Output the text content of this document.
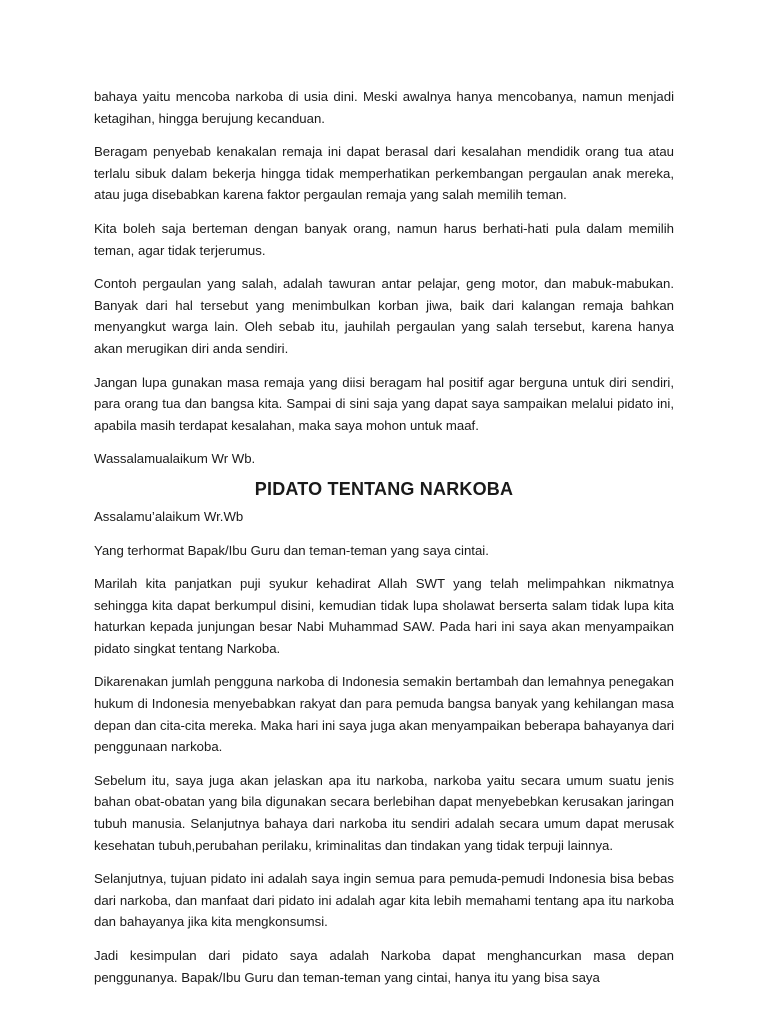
bahaya yaitu mencoba narkoba di usia dini. Meski awalnya hanya mencobanya, namun menjadi ketagihan, hingga berujung kecanduan.

Beragam penyebab kenakalan remaja ini dapat berasal dari kesalahan mendidik orang tua atau terlalu sibuk dalam bekerja hingga tidak memperhatikan perkembangan pergaulan anak mereka, atau juga disebabkan karena faktor pergaulan remaja yang salah memilih teman.

Kita boleh saja berteman dengan banyak orang, namun harus berhati-hati pula dalam memilih teman, agar tidak terjerumus.

Contoh pergaulan yang salah, adalah tawuran antar pelajar, geng motor, dan mabuk-mabukan. Banyak dari hal tersebut yang menimbulkan korban jiwa, baik dari kalangan remaja bahkan menyangkut warga lain. Oleh sebab itu, jauhilah pergaulan yang salah tersebut, karena hanya akan merugikan diri anda sendiri.

Jangan lupa gunakan masa remaja yang diisi beragam hal positif agar berguna untuk diri sendiri, para orang tua dan bangsa kita. Sampai di sini saja yang dapat saya sampaikan melalui pidato ini, apabila masih terdapat kesalahan, maka saya mohon untuk maaf.

Wassalamualaikum Wr Wb.

PIDATO TENTANG NARKOBA

Assalamu’alaikum Wr.Wb

Yang terhormat Bapak/Ibu Guru dan teman-teman yang saya cintai.

Marilah kita panjatkan puji syukur kehadirat Allah SWT yang telah melimpahkan nikmatnya sehingga kita dapat berkumpul disini, kemudian tidak lupa sholawat berserta salam tidak lupa kita haturkan kepada junjungan besar Nabi Muhammad SAW. Pada hari ini saya akan menyampaikan pidato singkat tentang Narkoba.

Dikarenakan jumlah pengguna narkoba di Indonesia semakin bertambah dan lemahnya penegakan hukum di Indonesia menyebabkan rakyat dan para pemuda bangsa banyak yang kehilangan masa depan dan cita-cita mereka. Maka hari ini saya juga akan menyampaikan beberapa bahayanya dari penggunaan narkoba.

Sebelum itu, saya juga akan jelaskan apa itu narkoba, narkoba yaitu secara umum suatu jenis bahan obat-obatan yang bila digunakan secara berlebihan dapat menyebebkan kerusakan jaringan tubuh manusia. Selanjutnya bahaya dari narkoba itu sendiri adalah secara umum dapat merusak kesehatan tubuh,perubahan perilaku, kriminalitas dan tindakan yang tidak terpuji lainnya.

Selanjutnya, tujuan pidato ini adalah saya ingin semua para pemuda-pemudi Indonesia bisa bebas dari narkoba, dan manfaat dari pidato ini adalah agar kita lebih memahami tentang apa itu narkoba dan bahayanya jika kita mengkonsumsi.

Jadi kesimpulan dari pidato saya adalah Narkoba dapat menghancurkan masa depan penggunanya. Bapak/Ibu Guru dan teman-teman yang cintai, hanya itu yang bisa saya
